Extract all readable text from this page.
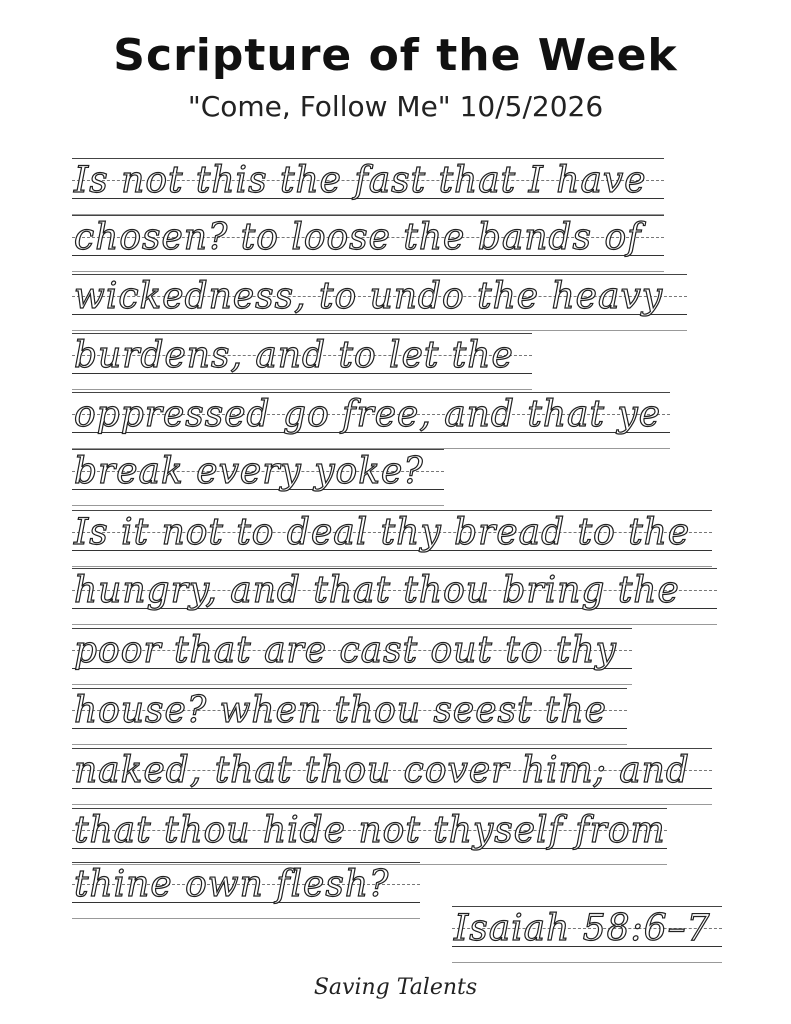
Scripture of the Week
"Come, Follow Me" 10/5/2026
Is not this the fast that I have
chosen? to loose the bands of
wickedness, to undo the heavy
burdens, and to let the
oppressed go free, and that ye
break every yoke?
Is it not to deal thy bread to the
hungry, and that thou bring the
poor that are cast out to thy
house? when thou seest the
naked, that thou cover him; and
that thou hide not thyself from
thine own flesh?
Isaiah 58:6–7
Saving Talents
